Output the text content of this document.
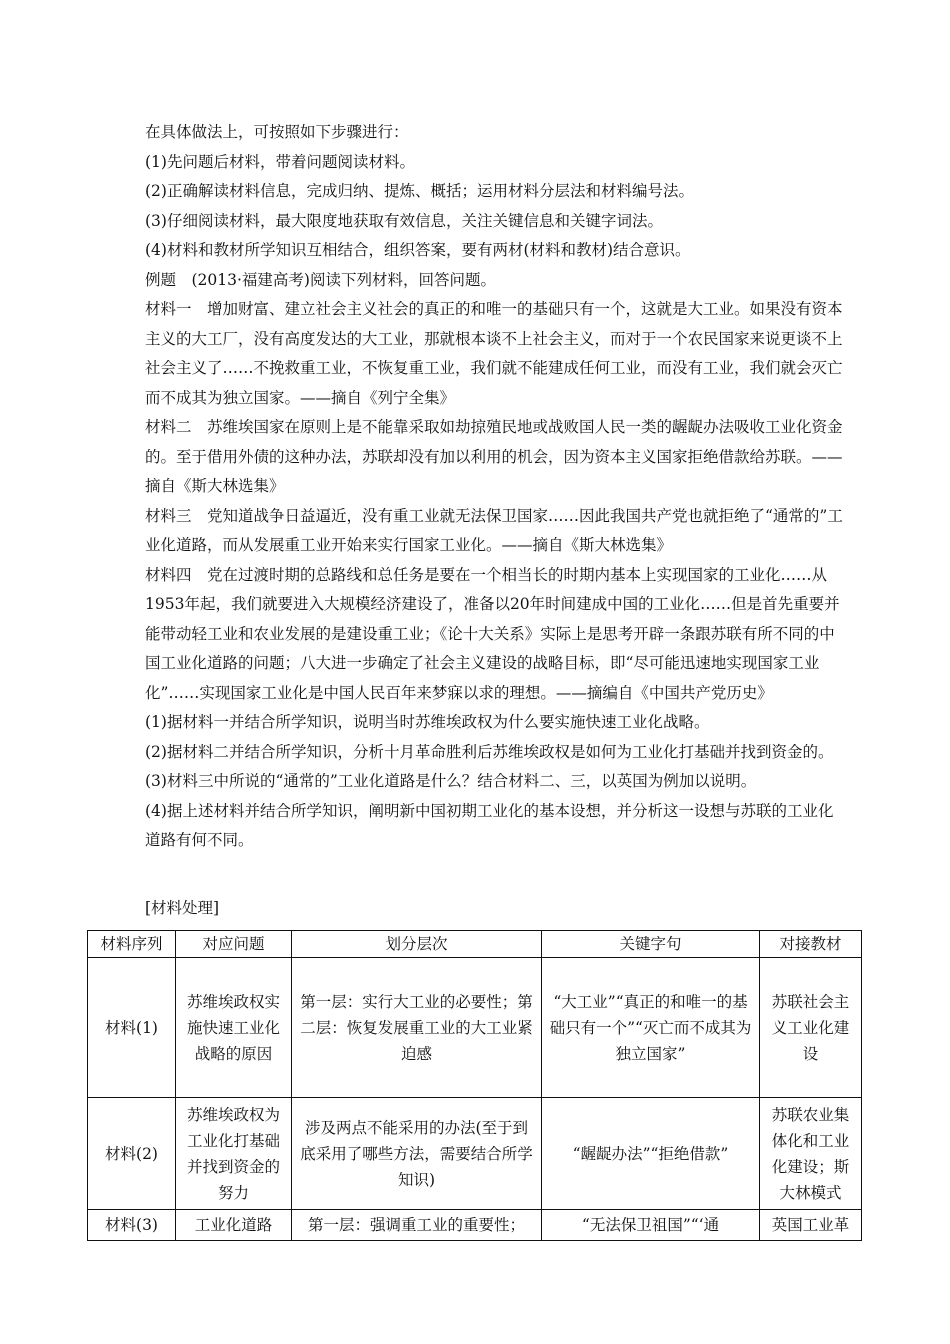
在具体做法上，可按照如下步骤进行：

(1)先问题后材料，带着问题阅读材料。

(2)正确解读材料信息，完成归纳、提炼、概括；运用材料分层法和材料编号法。

(3)仔细阅读材料，最大限度地获取有效信息，关注关键信息和关键字词法。

(4)材料和教材所学知识互相结合，组织答案，要有两材(材料和教材)结合意识。

例题　(2013·福建高考)阅读下列材料，回答问题。

材料一　增加财富、建立社会主义社会的真正的和唯一的基础只有一个，这就是大工业。如果没有资本主义的大工厂，没有高度发达的大工业，那就根本谈不上社会主义，而对于一个农民国家来说更谈不上社会主义了……不挽救重工业，不恢复重工业，我们就不能建成任何工业，而没有工业，我们就会灭亡而不成其为独立国家。——摘自《列宁全集》

材料二　苏维埃国家在原则上是不能靠采取如劫掠殖民地或战败国人民一类的龌龊办法吸收工业化资金的。至于借用外债的这种办法，苏联却没有加以利用的机会，因为资本主义国家拒绝借款给苏联。——摘自《斯大林选集》

材料三　党知道战争日益逼近，没有重工业就无法保卫国家……因此我国共产党也就拒绝了“通常的”工业化道路，而从发展重工业开始来实行国家工业化。——摘自《斯大林选集》

材料四　党在过渡时期的总路线和总任务是要在一个相当长的时期内基本上实现国家的工业化……从1953年起，我们就要进入大规模经济建设了，准备以20年时间建成中国的工业化……但是首先重要并能带动轻工业和农业发展的是建设重工业；《论十大关系》实际上是思考开辟一条跟苏联有所不同的中国工业化道路的问题；八大进一步确定了社会主义建设的战略目标，即“尽可能迅速地实现国家工业化”……实现国家工业化是中国人民百年来梦寐以求的理想。——摘编自《中国共产党历史》

(1)据材料一并结合所学知识，说明当时苏维埃政权为什么要实施快速工业化战略。

(2)据材料二并结合所学知识，分析十月革命胜利后苏维埃政权是如何为工业化打基础并找到资金的。

(3)材料三中所说的“通常的”工业化道路是什么？结合材料二、三，以英国为例加以说明。

(4)据上述材料并结合所学知识，阐明新中国初期工业化的基本设想，并分析这一设想与苏联的工业化道路有何不同。

[材料处理]
材料序列	对应问题	划分层次	关键字句	对接教材
材料(1)	苏维埃政权实施快速工业化战略的原因	第一层：实行大工业的必要性；第二层：恢复发展重工业的大工业紧迫感	“大工业”“真正的和唯一的基础只有一个”“灭亡而不成其为独立国家”	苏联社会主义工业化建设
材料(2)	苏维埃政权为工业化打基础并找到资金的努力	涉及两点不能采用的办法(至于到底采用了哪些方法，需要结合所学知识)	“龌龊办法”“拒绝借款”	苏联农业集体化和工业化建设；斯大林模式
材料(3)	工业化道路	第一层：强调重工业的重要性；	“无法保卫祖国”“‘通	英国工业革
